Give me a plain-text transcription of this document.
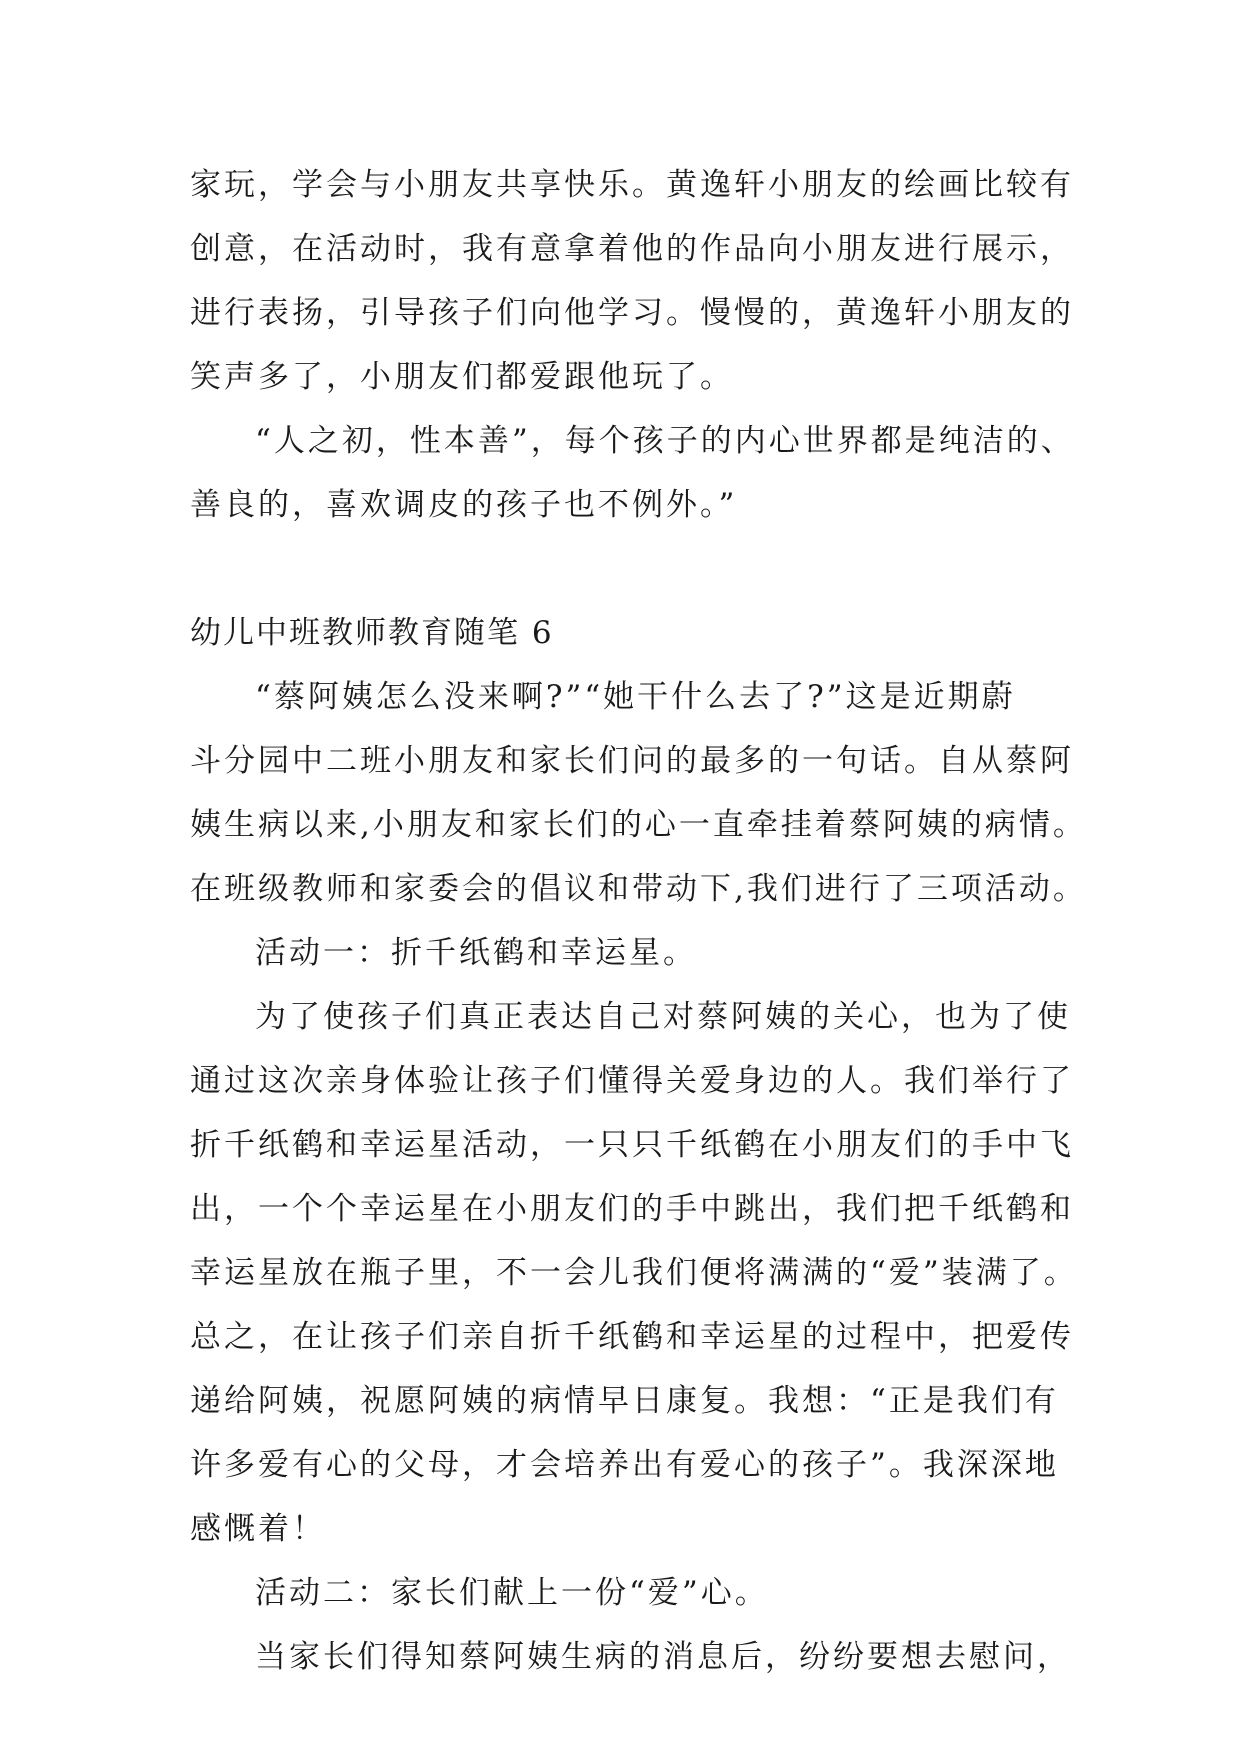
家玩，学会与小朋友共享快乐。黄逸轩小朋友的绘画比较有
创意，在活动时，我有意拿着他的作品向小朋友进行展示，
进行表扬，引导孩子们向他学习。慢慢的，黄逸轩小朋友的
笑声多了，小朋友们都爱跟他玩了。
“人之初，性本善”，每个孩子的内心世界都是纯洁的、
善良的，喜欢调皮的孩子也不例外。”
幼儿中班教师教育随笔 6
“蔡阿姨怎么没来啊?”“她干什么去了?”这是近期蔚
斗分园中二班小朋友和家长们问的最多的一句话。自从蔡阿
姨生病以来,小朋友和家长们的心一直牵挂着蔡阿姨的病情。
在班级教师和家委会的倡议和带动下,我们进行了三项活动。
活动一：折千纸鹤和幸运星。
为了使孩子们真正表达自己对蔡阿姨的关心，也为了使
通过这次亲身体验让孩子们懂得关爱身边的人。我们举行了
折千纸鹤和幸运星活动，一只只千纸鹤在小朋友们的手中飞
出，一个个幸运星在小朋友们的手中跳出，我们把千纸鹤和
幸运星放在瓶子里，不一会儿我们便将满满的“爱”装满了。
总之，在让孩子们亲自折千纸鹤和幸运星的过程中，把爱传
递给阿姨，祝愿阿姨的病情早日康复。我想：“正是我们有
许多爱有心的父母，才会培养出有爱心的孩子”。我深深地
感慨着！
活动二：家长们献上一份“爱”心。
当家长们得知蔡阿姨生病的消息后，纷纷要想去慰问，
